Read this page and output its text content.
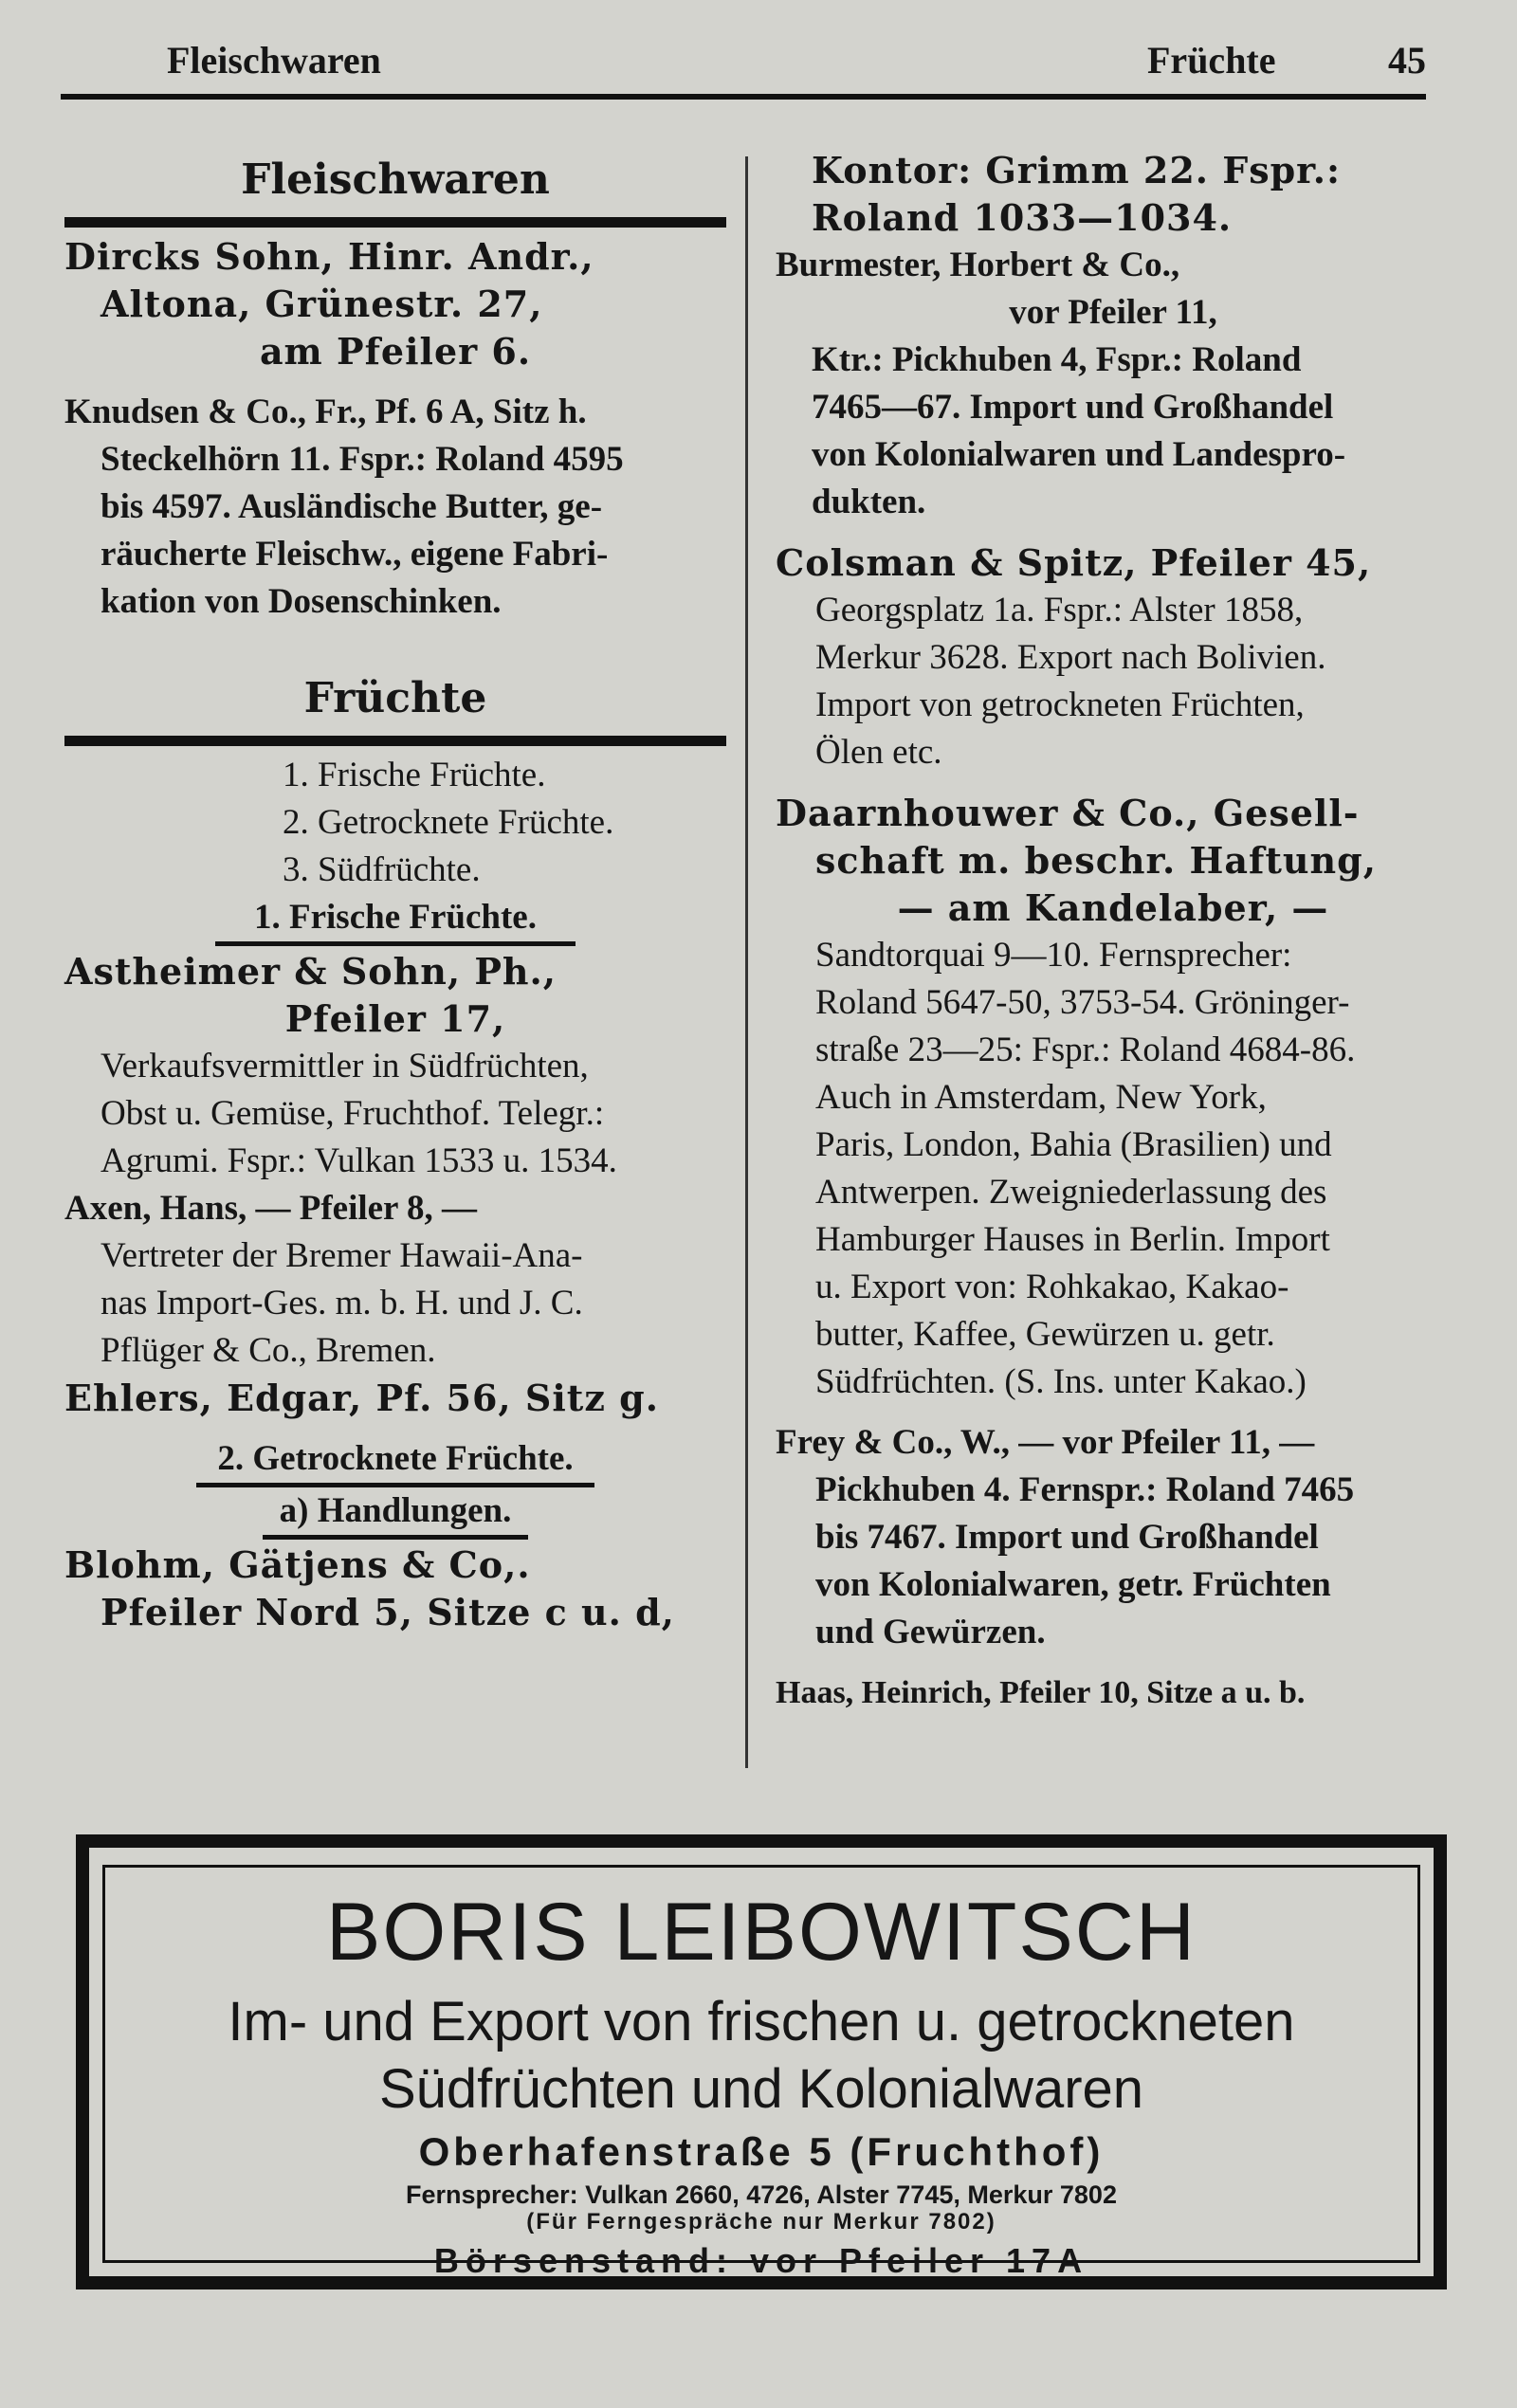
Fleischwaren	Früchte	45
Fleischwaren
Dircks Sohn, Hinr. Andr.,
Altona, Grünestr. 27,
am Pfeiler 6.
Knudsen & Co., Fr., Pf. 6 A, Sitz h.
Steckelhörn 11. Fspr.: Roland 4595
bis 4597. Ausländische Butter, ge-
räucherte Fleischw., eigene Fabri-
kation von Dosenschinken.
Früchte
1. Frische Früchte.
2. Getrocknete Früchte.
3. Südfrüchte.
1. Frische Früchte.
Astheimer & Sohn, Ph.,
Pfeiler 17,
Verkaufsvermittler in Südfrüchten,
Obst u. Gemüse, Fruchthof. Telegr.:
Agrumi. Fspr.: Vulkan 1533 u. 1534.
Axen, Hans, — Pfeiler 8, —
Vertreter der Bremer Hawaii-Ana-
nas Import-Ges. m. b. H. und J. C.
Pflüger & Co., Bremen.
Ehlers, Edgar, Pf. 56, Sitz g.
2. Getrocknete Früchte.
a) Handlungen.
Blohm, Gätjens & Co,.
Pfeiler Nord 5, Sitze c u. d,
Kontor: Grimm 22. Fspr.:
Roland 1033—1034.
Burmester, Horbert & Co.,
vor Pfeiler 11,
Ktr.: Pickhuben 4, Fspr.: Roland
7465—67. Import und Großhandel
von Kolonialwaren und Landespro-
dukten.
Colsman & Spitz, Pfeiler 45,
Georgsplatz 1a. Fspr.: Alster 1858,
Merkur 3628. Export nach Bolivien.
Import von getrockneten Früchten,
Ölen etc.
Daarnhouwer & Co., Gesell-
schaft m. beschr. Haftung,
— am Kandelaber, —
Sandtorquai 9—10. Fernsprecher:
Roland 5647-50, 3753-54. Gröninger-
straße 23—25: Fspr.: Roland 4684-86.
Auch in Amsterdam, New York,
Paris, London, Bahia (Brasilien) und
Antwerpen. Zweigniederlassung des
Hamburger Hauses in Berlin. Import
u. Export von: Rohkakao, Kakao-
butter, Kaffee, Gewürzen u. getr.
Südfrüchten. (S. Ins. unter Kakao.)
Frey & Co., W., — vor Pfeiler 11, —
Pickhuben 4. Fernspr.: Roland 7465
bis 7467. Import und Großhandel
von Kolonialwaren, getr. Früchten
und Gewürzen.
Haas, Heinrich, Pfeiler 10, Sitze a u. b.
BORIS LEIBOWITSCH
Im- und Export von frischen u. getrockneten
Südfrüchten und Kolonialwaren
Oberhafenstraße 5 (Fruchthof)
Fernsprecher: Vulkan 2660, 4726, Alster 7745, Merkur 7802
(Für Ferngespräche nur Merkur 7802)
Börsenstand: vor Pfeiler 17A
